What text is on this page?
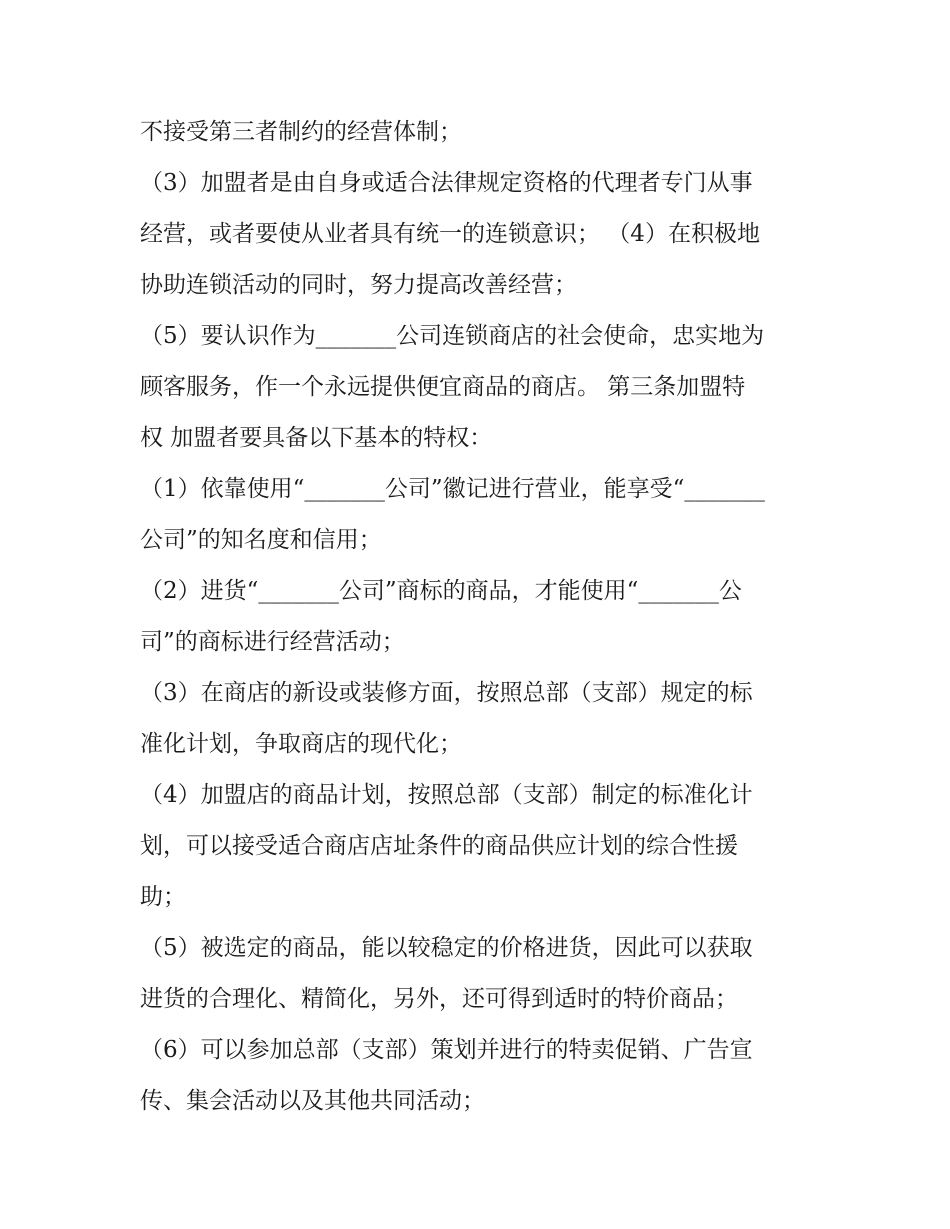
不接受第三者制约的经营体制；
（3）加盟者是由自身或适合法律规定资格的代理者专门从事
经营，或者要使从业者具有统一的连锁意识； （4）在积极地
协助连锁活动的同时，努力提高改善经营；
（5）要认识作为_______公司连锁商店的社会使命，忠实地为
顾客服务，作一个永远提供便宜商品的商店。 第三条加盟特
权 加盟者要具备以下基本的特权：
（1）依靠使用“_______公司”徽记进行营业，能享受“_______
公司”的知名度和信用；
（2）进货“_______公司”商标的商品，才能使用“_______公
司”的商标进行经营活动；
（3）在商店的新设或装修方面，按照总部（支部）规定的标
准化计划，争取商店的现代化；
（4）加盟店的商品计划，按照总部（支部）制定的标准化计
划，可以接受适合商店店址条件的商品供应计划的综合性援
助；
（5）被选定的商品，能以较稳定的价格进货，因此可以获取
进货的合理化、精简化，另外，还可得到适时的特价商品；
（6）可以参加总部（支部）策划并进行的特卖促销、广告宣
传、集会活动以及其他共同活动；
